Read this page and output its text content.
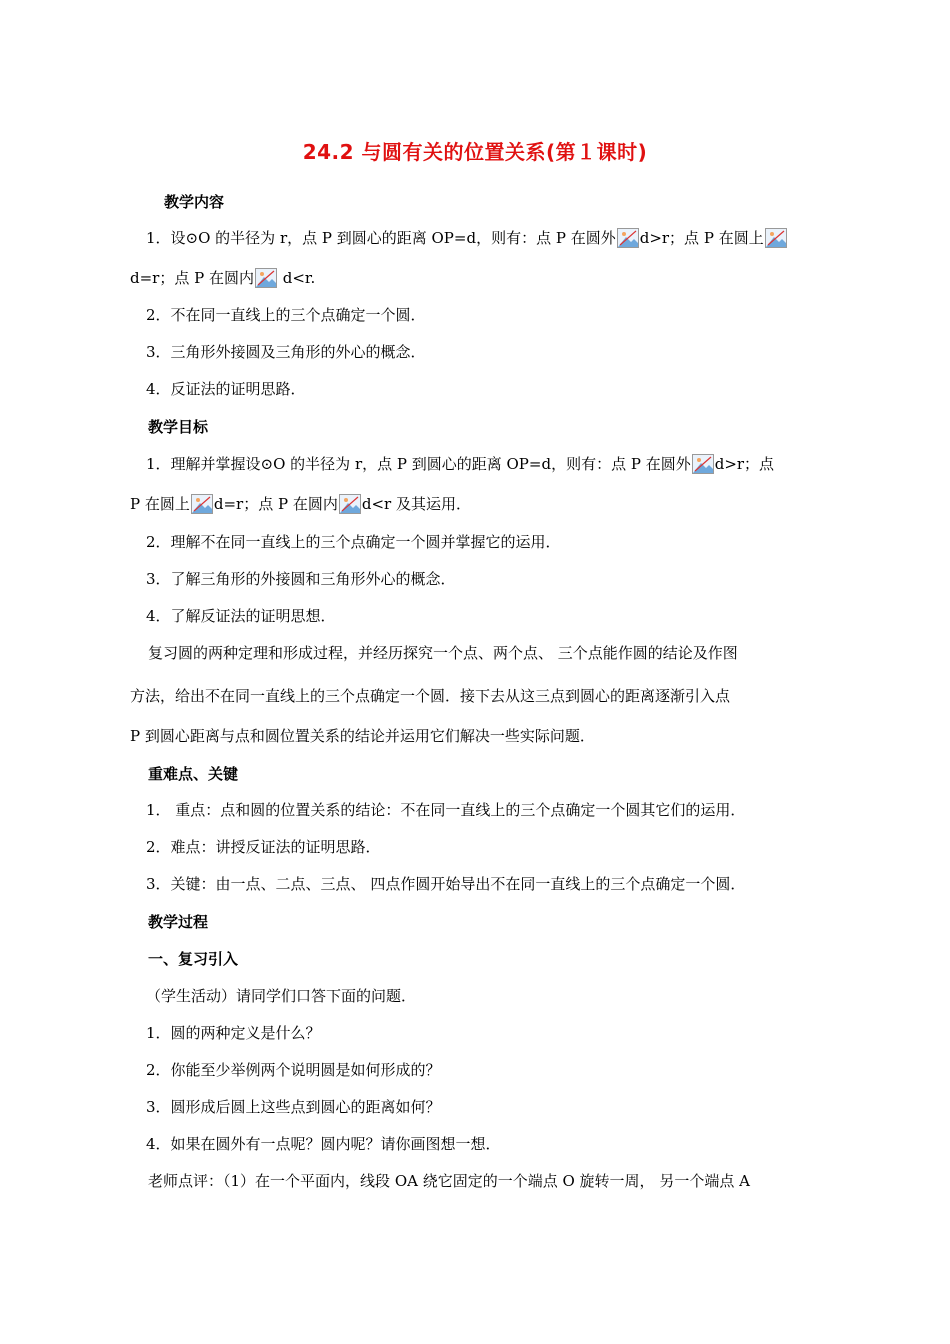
24.2 与圆有关的位置关系(第１课时)
教学内容
1．设⊙O 的半径为 r，点 P 到圆心的距离 OP=d，则有：点 P 在圆外 d>r；点 P 在圆上
d=r；点 P 在圆内 d<r.
2．不在同一直线上的三个点确定一个圆．
3．三角形外接圆及三角形的外心的概念．
4．反证法的证明思路．
教学目标
1．理解并掌握设⊙O 的半径为 r，点 P 到圆心的距离 OP=d，则有：点 P 在圆外 d>r；点
P 在圆上 d=r；点 P 在圆内 d<r 及其运用．
2．理解不在同一直线上的三个点确定一个圆并掌握它的运用．
3．了解三角形的外接圆和三角形外心的概念．
4．了解反证法的证明思想．
复习圆的两种定理和形成过程，并经历探究一个点、两个点、 三个点能作圆的结论及作图
方法，给出不在同一直线上的三个点确定一个圆．接下去从这三点到圆心的距离逐渐引入点
P 到圆心距离与点和圆位置关系的结论并运用它们解决一些实际问题．
重难点、关键
1． 重点：点和圆的位置关系的结论：不在同一直线上的三个点确定一个圆其它们的运用．
2．难点：讲授反证法的证明思路．
3．关键：由一点、二点、三点、 四点作圆开始导出不在同一直线上的三个点确定一个圆．
教学过程
一、复习引入
（学生活动）请同学们口答下面的问题．
1．圆的两种定义是什么？
2．你能至少举例两个说明圆是如何形成的？
3．圆形成后圆上这些点到圆心的距离如何？
4．如果在圆外有一点呢？圆内呢？请你画图想一想．
老师点评：（1）在一个平面内，线段 OA 绕它固定的一个端点 O 旋转一周， 另一个端点 A
